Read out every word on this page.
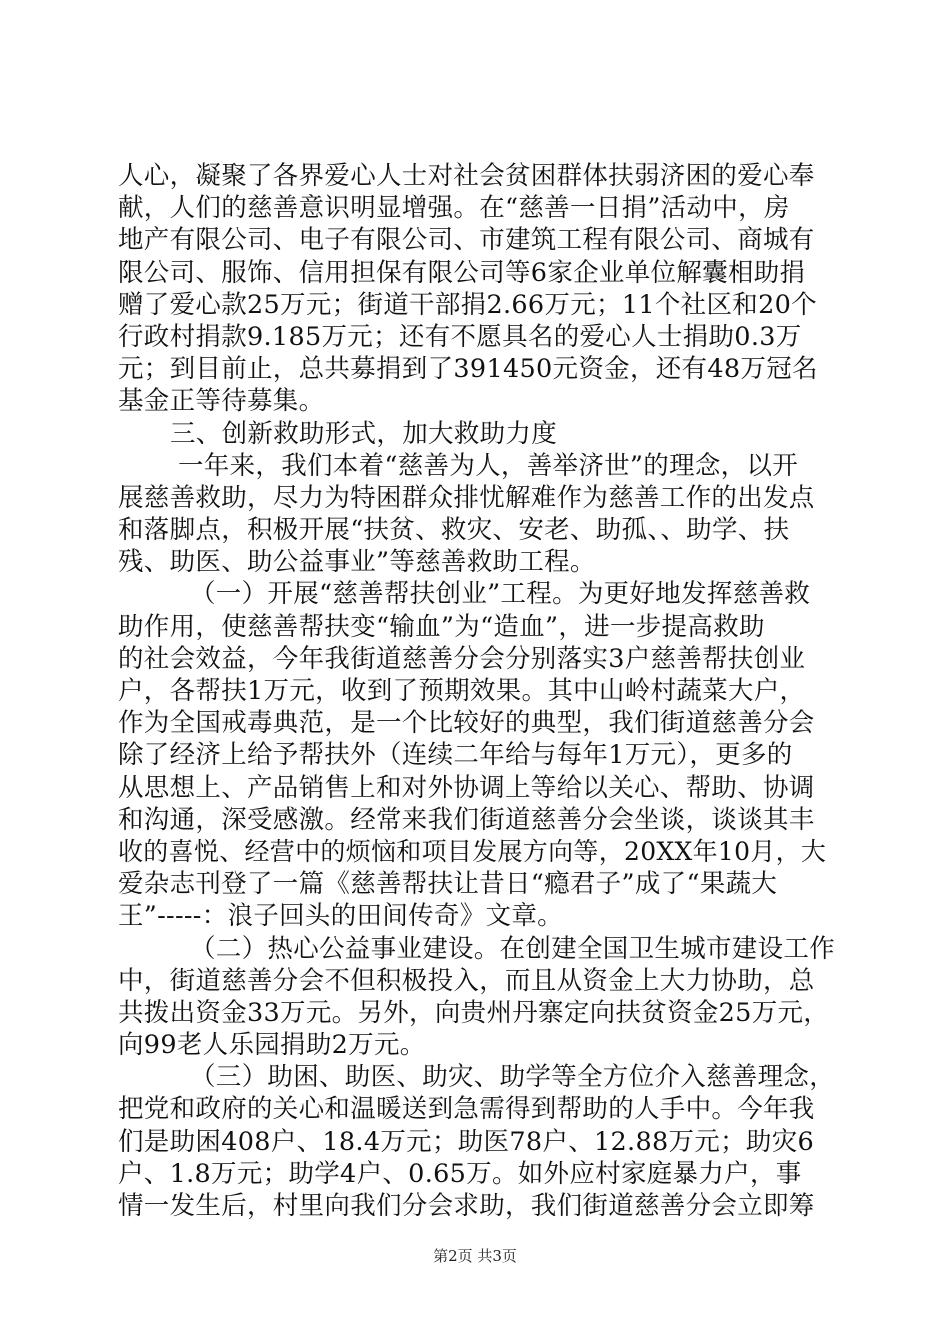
人心，凝聚了各界爱心人士对社会贫困群体扶弱济困的爱心奉
献，人们的慈善意识明显增强。在“慈善一日捐”活动中，房
地产有限公司、电子有限公司、市建筑工程有限公司、商城有
限公司、服饰、信用担保有限公司等6家企业单位解囊相助捐
赠了爱心款25万元；街道干部捐2.66万元；11个社区和20个
行政村捐款9.185万元；还有不愿具名的爱心人士捐助0.3万
元；到目前止，总共募捐到了391450元资金，还有48万冠名
基金正等待募集。
三、创新救助形式，加大救助力度
一年来，我们本着“慈善为人，善举济世”的理念，以开
展慈善救助，尽力为特困群众排忧解难作为慈善工作的出发点
和落脚点，积极开展“扶贫、救灾、安老、助孤、、助学、扶
残、助医、助公益事业”等慈善救助工程。
（一）开展“慈善帮扶创业”工程。为更好地发挥慈善救
助作用，使慈善帮扶变“输血”为“造血”，进一步提高救助
的社会效益，今年我街道慈善分会分别落实3户慈善帮扶创业
户，各帮扶1万元，收到了预期效果。其中山岭村蔬菜大户，
作为全国戒毒典范，是一个比较好的典型，我们街道慈善分会
除了经济上给予帮扶外（连续二年给与每年1万元），更多的
从思想上、产品销售上和对外协调上等给以关心、帮助、协调
和沟通，深受感激。经常来我们街道慈善分会坐谈，谈谈其丰
收的喜悦、经营中的烦恼和项目发展方向等，20XX年10月，大
爱杂志刊登了一篇《慈善帮扶让昔日“瘾君子”成了“果蔬大
王”-----：浪子回头的田间传奇》文章。
（二）热心公益事业建设。在创建全国卫生城市建设工作
中，街道慈善分会不但积极投入，而且从资金上大力协助，总
共拨出资金33万元。另外，向贵州丹寨定向扶贫资金25万元，
向99老人乐园捐助2万元。
（三）助困、助医、助灾、助学等全方位介入慈善理念，
把党和政府的关心和温暖送到急需得到帮助的人手中。今年我
们是助困408户、18.4万元；助医78户、12.88万元；助灾6
户、1.8万元；助学4户、0.65万。如外应村家庭暴力户，事
情一发生后，村里向我们分会求助，我们街道慈善分会立即筹
第2页 共3页
